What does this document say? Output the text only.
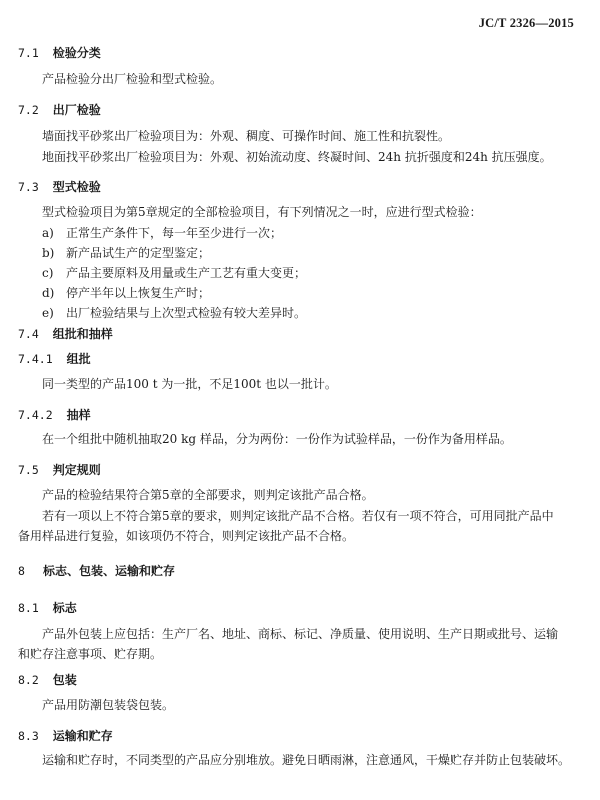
JC/T 2326—2015
7.1 检验分类
产品检验分出厂检验和型式检验。
7.2 出厂检验
墙面找平砂浆出厂检验项目为：外观、稠度、可操作时间、施工性和抗裂性。
地面找平砂浆出厂检验项目为：外观、初始流动度、终凝时间、24h 抗折强度和24h 抗压强度。
7.3 型式检验
型式检验项目为第5章规定的全部检验项目，有下列情况之一时，应进行型式检验：
a) 正常生产条件下，每一年至少进行一次；
b) 新产品试生产的定型鉴定；
c) 产品主要原料及用量或生产工艺有重大变更；
d) 停产半年以上恢复生产时；
e) 出厂检验结果与上次型式检验有较大差异时。
7.4 组批和抽样
7.4.1 组批
同一类型的产品100 t 为一批，不足100t 也以一批计。
7.4.2 抽样
在一个组批中随机抽取20 kg 样品，分为两份：一份作为试验样品，一份作为备用样品。
7.5 判定规则
产品的检验结果符合第5章的全部要求，则判定该批产品合格。
若有一项以上不符合第5章的要求，则判定该批产品不合格。若仅有一项不符合，可用同批产品中
备用样品进行复验，如该项仍不符合，则判定该批产品不合格。
8 标志、包装、运输和贮存
8.1 标志
产品外包装上应包括：生产厂名、地址、商标、标记、净质量、使用说明、生产日期或批号、运输
和贮存注意事项、贮存期。
8.2 包装
产品用防潮包装袋包装。
8.3 运输和贮存
运输和贮存时，不同类型的产品应分别堆放。避免日晒雨淋，注意通风，干燥贮存并防止包装破坏。
